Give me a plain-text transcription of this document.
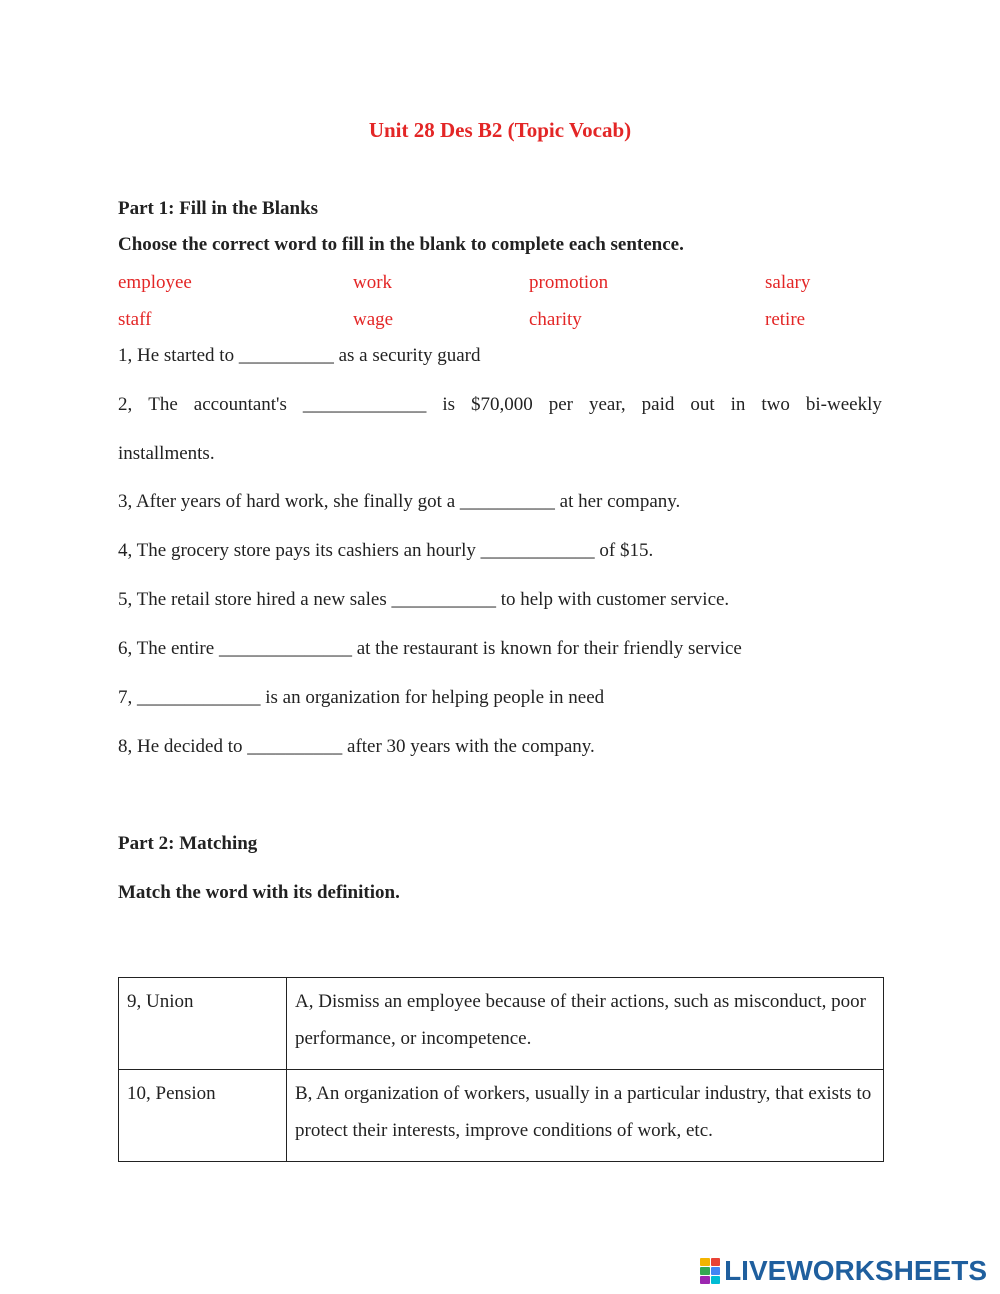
Unit 28 Des B2 (Topic Vocab)
Part 1: Fill in the Blanks
Choose the correct word to fill in the blank to complete each sentence.
employee	work	promotion	salary
staff	wage	charity	retire
1, He started to __________ as a security guard
2, The accountant's _____________ is $70,000 per year, paid out in two bi-weekly
installments.
3, After years of hard work, she finally got a __________ at her company.
4, The grocery store pays its cashiers an hourly ____________ of $15.
5, The retail store hired a new sales ___________ to help with customer service.
6, The entire ______________ at the restaurant is known for their friendly service
7, _____________ is an organization for helping people in need
8, He decided to __________ after 30 years with the company.
Part 2: Matching
Match the word with its definition.
9, Union	A, Dismiss an employee because of their actions, such as misconduct, poor performance, or incompetence.
10, Pension	B, An organization of workers, usually in a particular industry, that exists to protect their interests, improve conditions of work, etc.
LIVEWORKSHEETS
